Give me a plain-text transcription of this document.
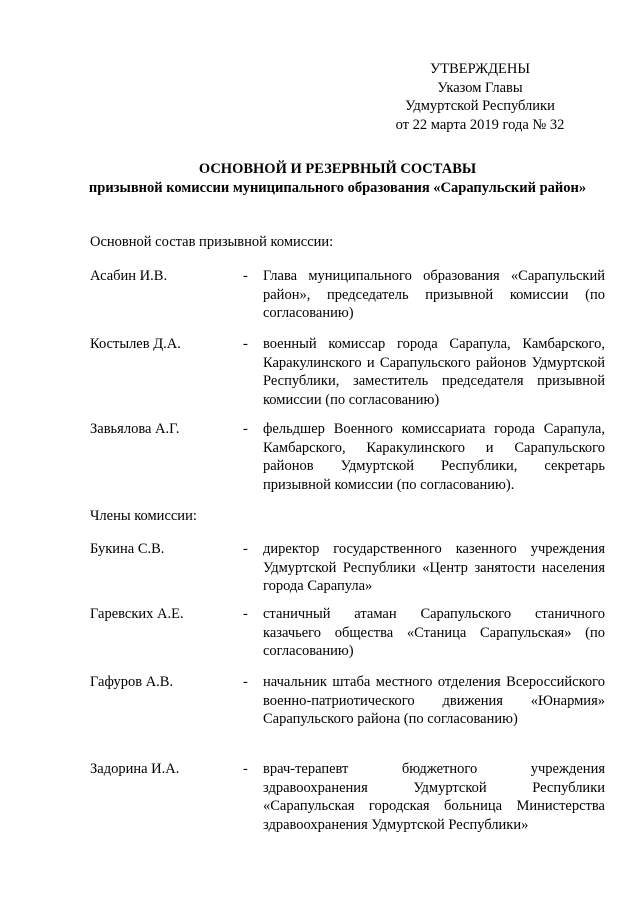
УТВЕРЖДЕНЫ
Указом Главы
Удмуртской Республики
от 22 марта 2019 года № 32
ОСНОВНОЙ И РЕЗЕРВНЫЙ СОСТАВЫ
призывной комиссии муниципального образования «Сарапульский район»
Основной состав призывной комиссии:
Асабин И.В.	- Глава муниципального образования «Сарапульский район», председатель призывной комиссии (по согласованию)
Костылев Д.А.	- военный комиссар города Сарапула, Камбарского, Каракулинского и Сарапульского районов Удмуртской Республики, заместитель председателя призывной комиссии (по согласованию)
Завьялова А.Г.	- фельдшер Военного комиссариата города Сарапула, Камбарского, Каракулинского и Сарапульского районов Удмуртской Республики, секретарь призывной комиссии (по согласованию).
Члены комиссии:
Букина С.В.	- директор государственного казенного учреждения Удмуртской Республики «Центр занятости населения города Сарапула»
Гаревских А.Е.	- станичный атаман Сарапульского станичного казачьего общества «Станица Сарапульская» (по согласованию)
Гафуров А.В.	- начальник штаба местного отделения Всероссийского военно-патриотического движения «Юнармия» Сарапульского района (по согласованию)
Задорина И.А.	- врач-терапевт бюджетного учреждения здравоохранения Удмуртской Республики «Сарапульская городская больница Министерства здравоохранения Удмуртской Республики»
